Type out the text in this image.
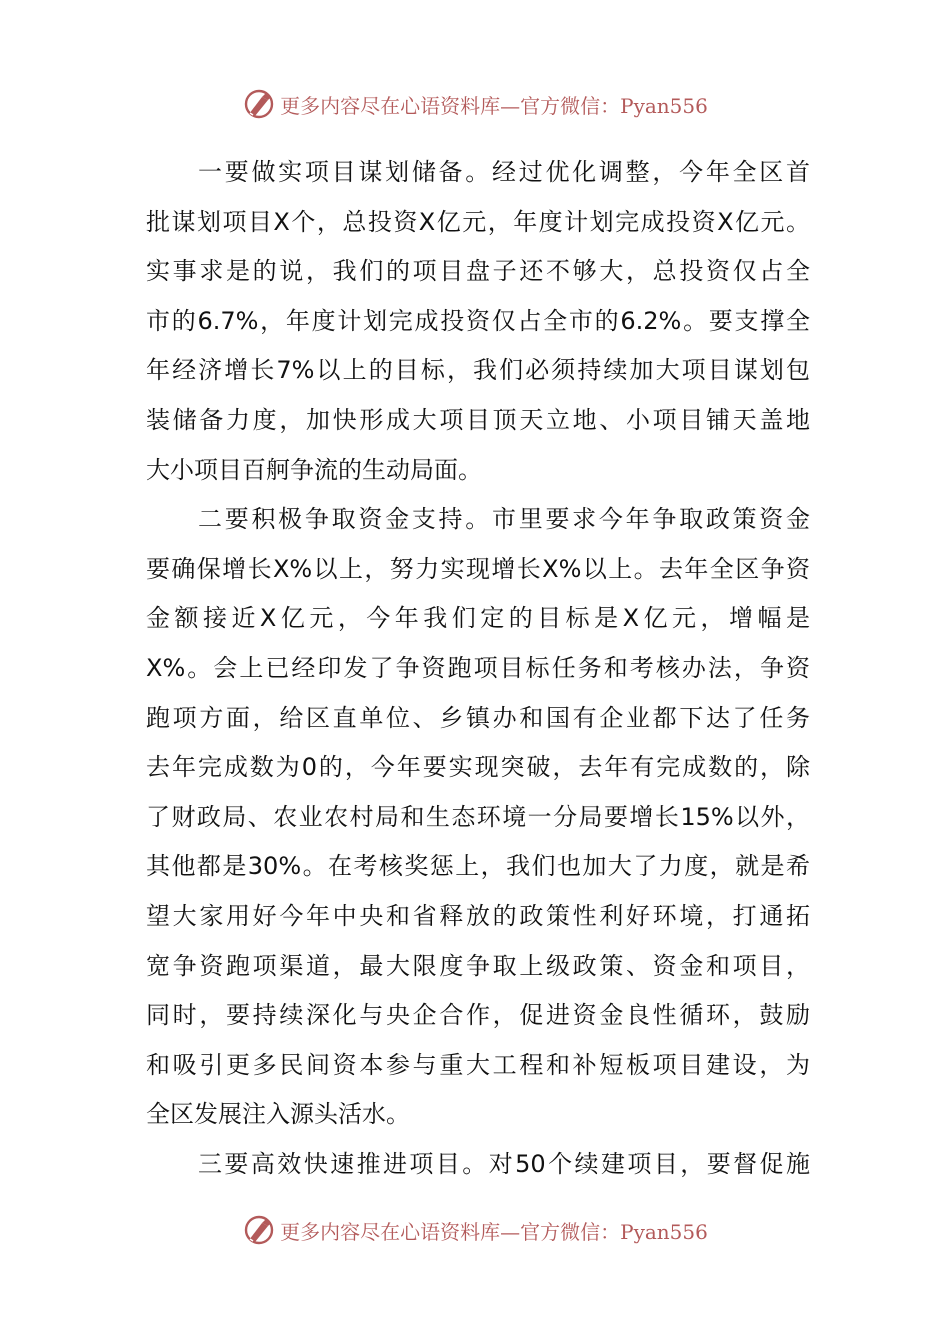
更多内容尽在心语资料库—官方微信：Pyan556
一要做实项目谋划储备。经过优化调整，今年全区首
批谋划项目X个，总投资X亿元，年度计划完成投资X亿元。
实事求是的说，我们的项目盘子还不够大，总投资仅占全
市的6.7%，年度计划完成投资仅占全市的6.2%。要支撑全
年经济增长7%以上的目标，我们必须持续加大项目谋划包
装储备力度，加快形成大项目顶天立地、小项目铺天盖地
大小项目百舸争流的生动局面。
二要积极争取资金支持。市里要求今年争取政策资金
要确保增长X%以上，努力实现增长X%以上。去年全区争资
金额接近X亿元，今年我们定的目标是X亿元，增幅是
X%。会上已经印发了争资跑项目标任务和考核办法，争资
跑项方面，给区直单位、乡镇办和国有企业都下达了任务
去年完成数为0的，今年要实现突破，去年有完成数的，除
了财政局、农业农村局和生态环境一分局要增长15%以外，
其他都是30%。在考核奖惩上，我们也加大了力度，就是希
望大家用好今年中央和省释放的政策性利好环境，打通拓
宽争资跑项渠道，最大限度争取上级政策、资金和项目，
同时，要持续深化与央企合作，促进资金良性循环，鼓励
和吸引更多民间资本参与重大工程和补短板项目建设，为
全区发展注入源头活水。
三要高效快速推进项目。对50个续建项目，要督促施
更多内容尽在心语资料库—官方微信：Pyan556
